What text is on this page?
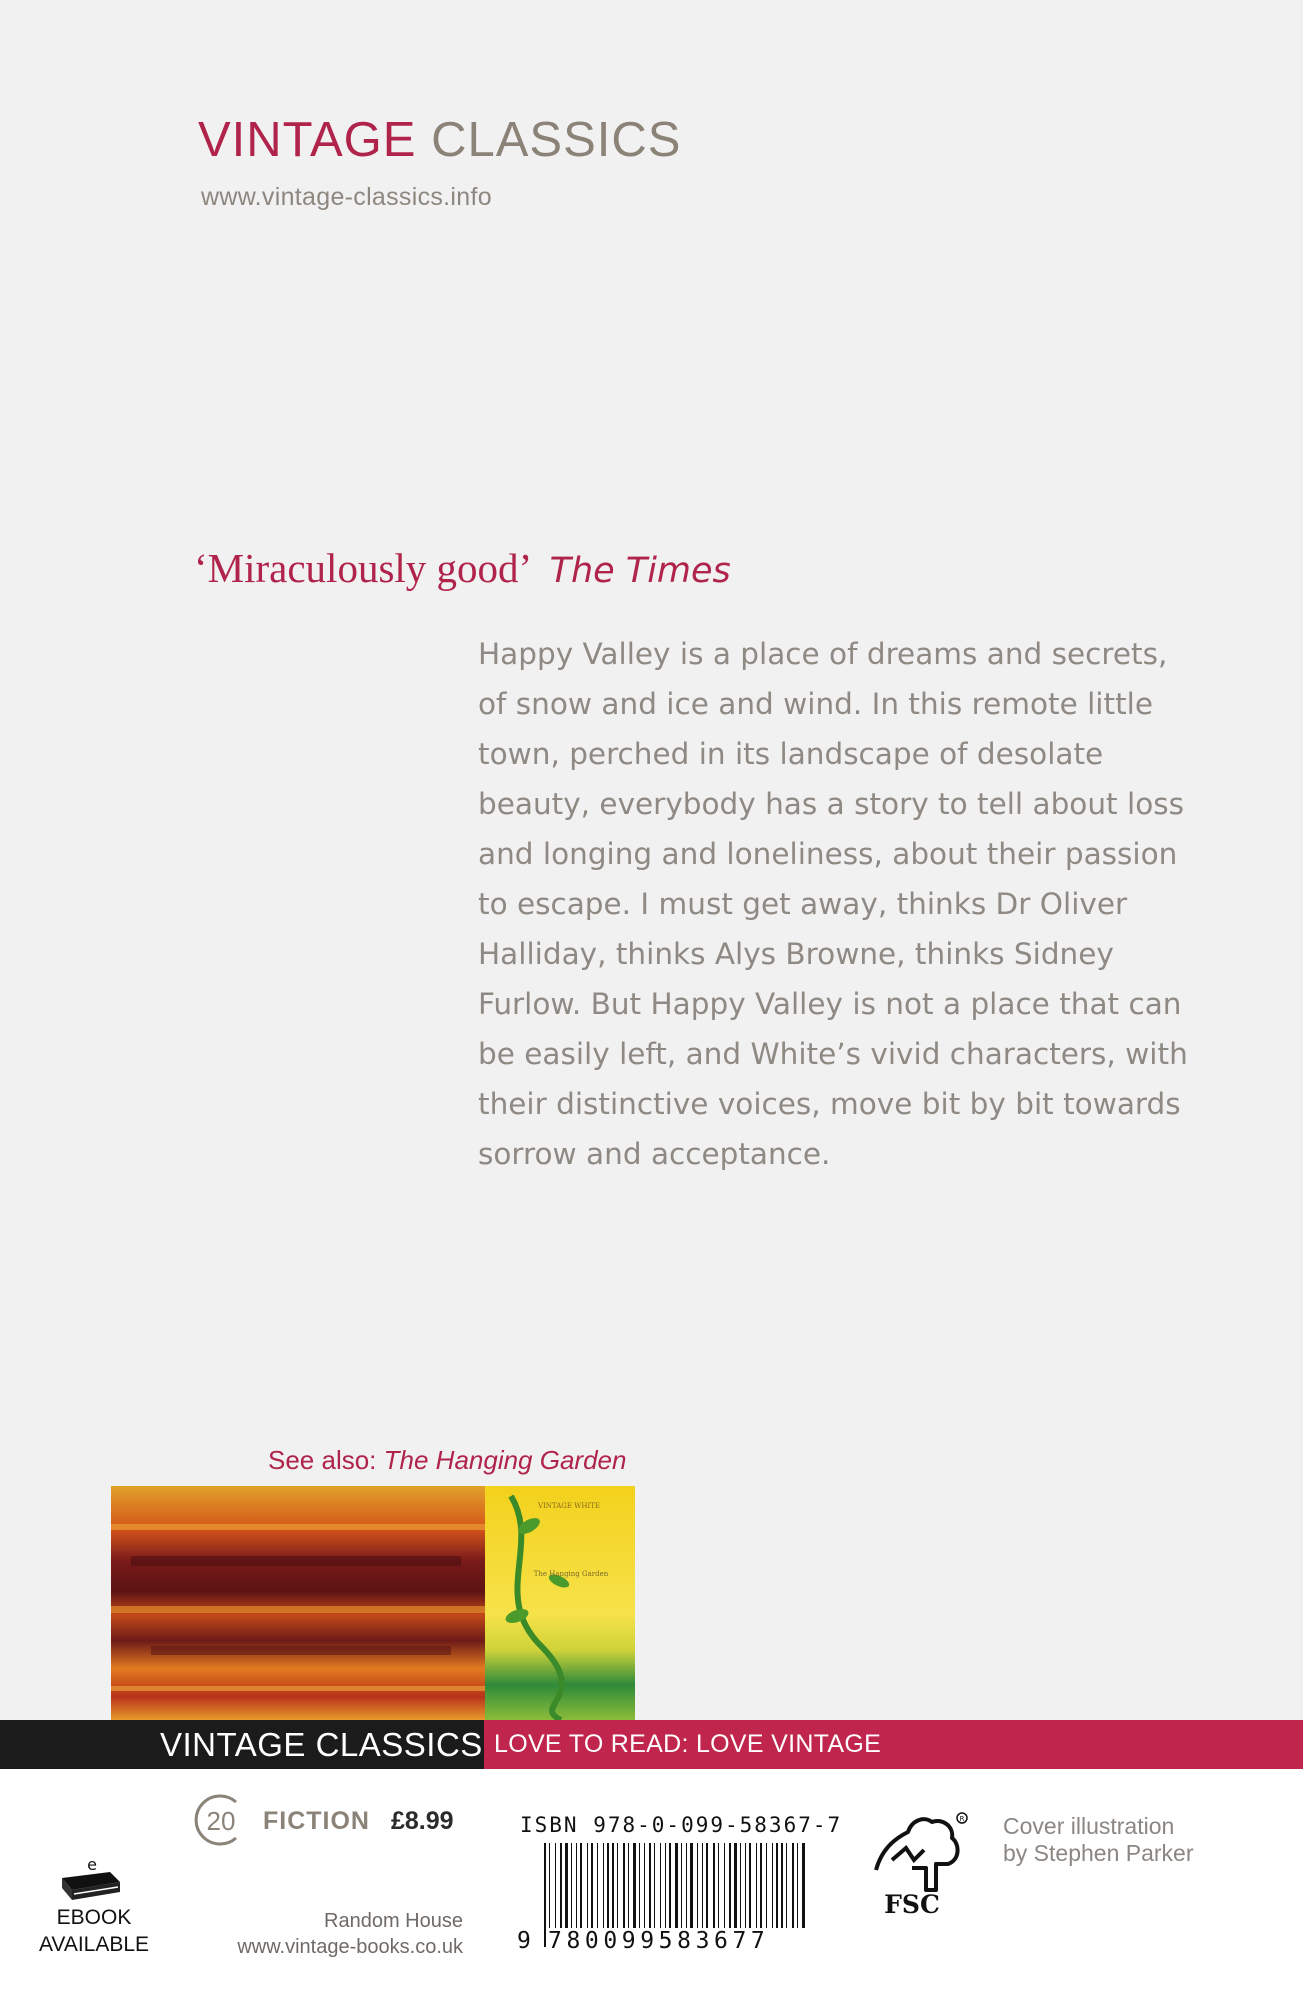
VINTAGE CLASSICS
www.vintage-classics.info
‘Miraculously good’ The Times

Happy Valley is a place of dreams and secrets, of snow and ice and wind. In this remote little town, perched in its landscape of desolate beauty, everybody has a story to tell about loss and longing and loneliness, about their passion to escape. I must get away, thinks Dr Oliver Halliday, thinks Alys Browne, thinks Sidney Furlow. But Happy Valley is not a place that can be easily left, and White’s vivid characters, with their distinctive voices, move bit by bit towards sorrow and acceptance.

See also: The Hanging Garden
VINTAGE WHITE
The Hanging Garden
VINTAGE CLASSICS LOVE TO READ: LOVE VINTAGE
20 FICTION £8.99
e
EBOOK
AVAILABLE
Random House
www.vintage-books.co.uk
ISBN 978-0-099-58367-7
9 780099583677
R
FSC
Cover illustration
by Stephen Parker
